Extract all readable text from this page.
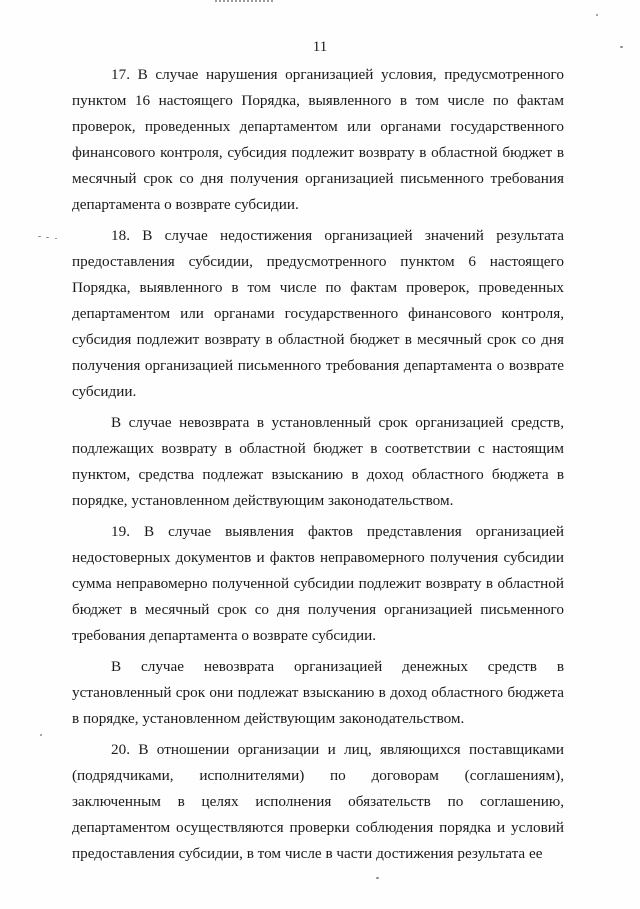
11

17. В случае нарушения организацией условия, предусмотренного пунктом 16 настоящего Порядка, выявленного в том числе по фактам проверок, проведенных департаментом или органами государственного финансового контроля, субсидия подлежит возврату в областной бюджет в месячный срок со дня получения организацией письменного требования департамента о возврате субсидии.

18. В случае недостижения организацией значений результата предоставления субсидии, предусмотренного пунктом 6 настоящего Порядка, выявленного в том числе по фактам проверок, проведенных департаментом или органами государственного финансового контроля, субсидия подлежит возврату в областной бюджет в месячный срок со дня получения организацией письменного требования департамента о возврате субсидии.

В случае невозврата в установленный срок организацией средств, подлежащих возврату в областной бюджет в соответствии с настоящим пунктом, средства подлежат взысканию в доход областного бюджета в порядке, установленном действующим законодательством.

19. В случае выявления фактов представления организацией недостоверных документов и фактов неправомерного получения субсидии сумма неправомерно полученной субсидии подлежит возврату в областной бюджет в месячный срок со дня получения организацией письменного требования департамента о возврате субсидии.

В случае невозврата организацией денежных средств в установленный срок они подлежат взысканию в доход областного бюджета в порядке, установленном действующим законодательством.

20. В отношении организации и лиц, являющихся поставщиками (подрядчиками, исполнителями) по договорам (соглашениям), заключенным в целях исполнения обязательств по соглашению, департаментом осуществляются проверки соблюдения порядка и условий предоставления субсидии, в том числе в части достижения результата ее
